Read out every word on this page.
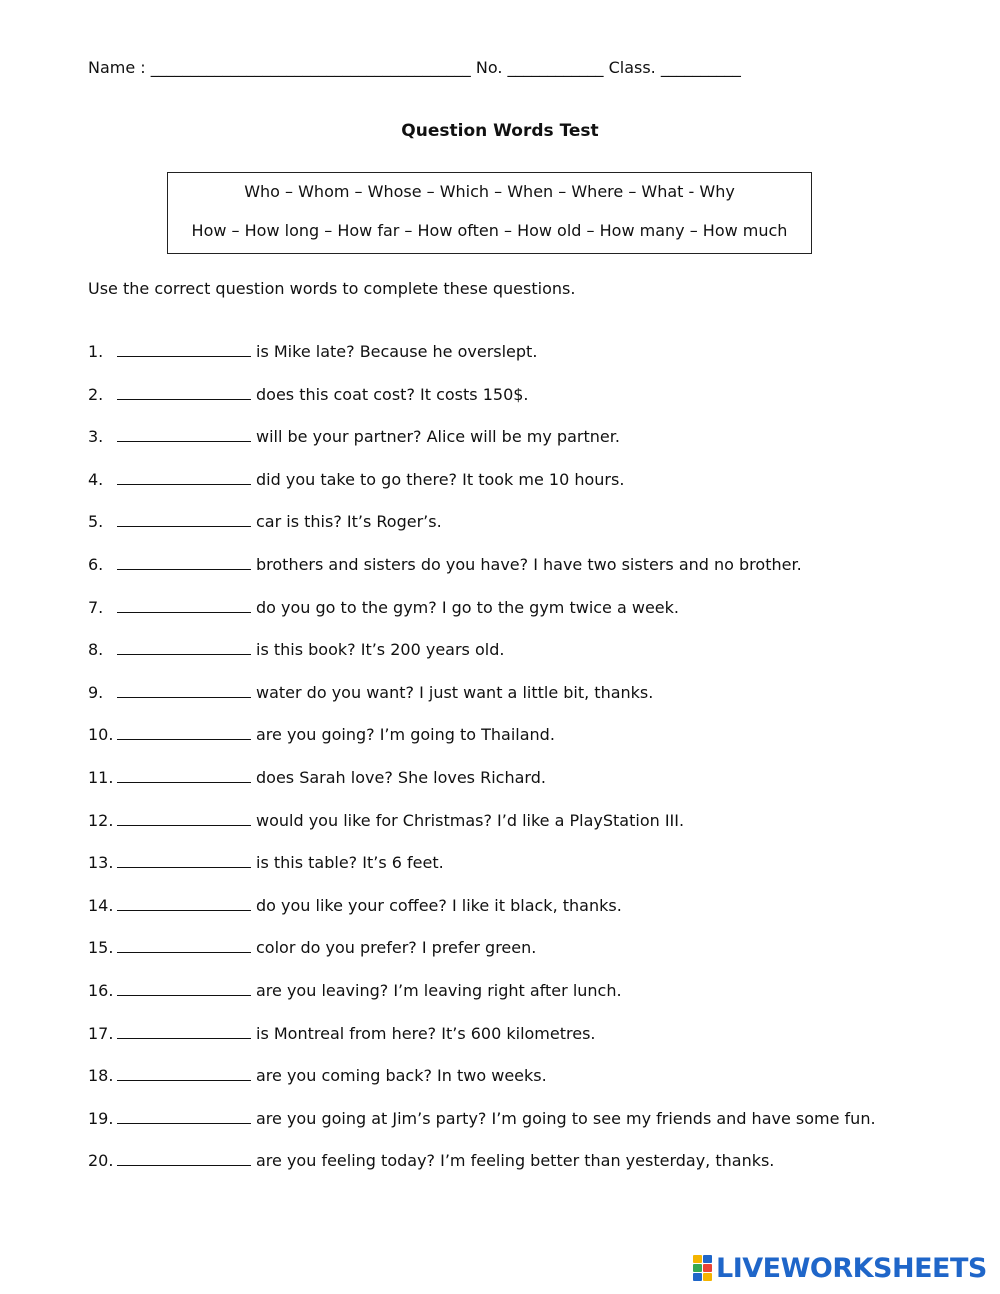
Name : ________________________________________ No. ____________ Class. __________
Question Words Test
Who – Whom – Whose – Which – When – Where – What - Why
How – How long – How far – How often – How old – How many – How much
Use the correct question words to complete these questions.
1.	is Mike late? Because he overslept.
2.	does this coat cost? It costs 150$.
3.	will be your partner? Alice will be my partner.
4.	did you take to go there? It took me 10 hours.
5.	car is this? It’s Roger’s.
6.	brothers and sisters do you have? I have two sisters and no brother.
7.	do you go to the gym? I go to the gym twice a week.
8.	is this book? It’s 200 years old.
9.	water do you want? I just want a little bit, thanks.
10.	are you going? I’m going to Thailand.
11.	does Sarah love? She loves Richard.
12.	would you like for Christmas? I’d like a PlayStation III.
13.	is this table? It’s 6 feet.
14.	do you like your coffee? I like it black, thanks.
15.	color do you prefer? I prefer green.
16.	are you leaving? I’m leaving right after lunch.
17.	is Montreal from here? It’s 600 kilometres.
18.	are you coming back? In two weeks.
19.	are you going at Jim’s party? I’m going to see my friends and have some fun.
20.	are you feeling today? I’m feeling better than yesterday, thanks.
LIVEWORKSHEETS
